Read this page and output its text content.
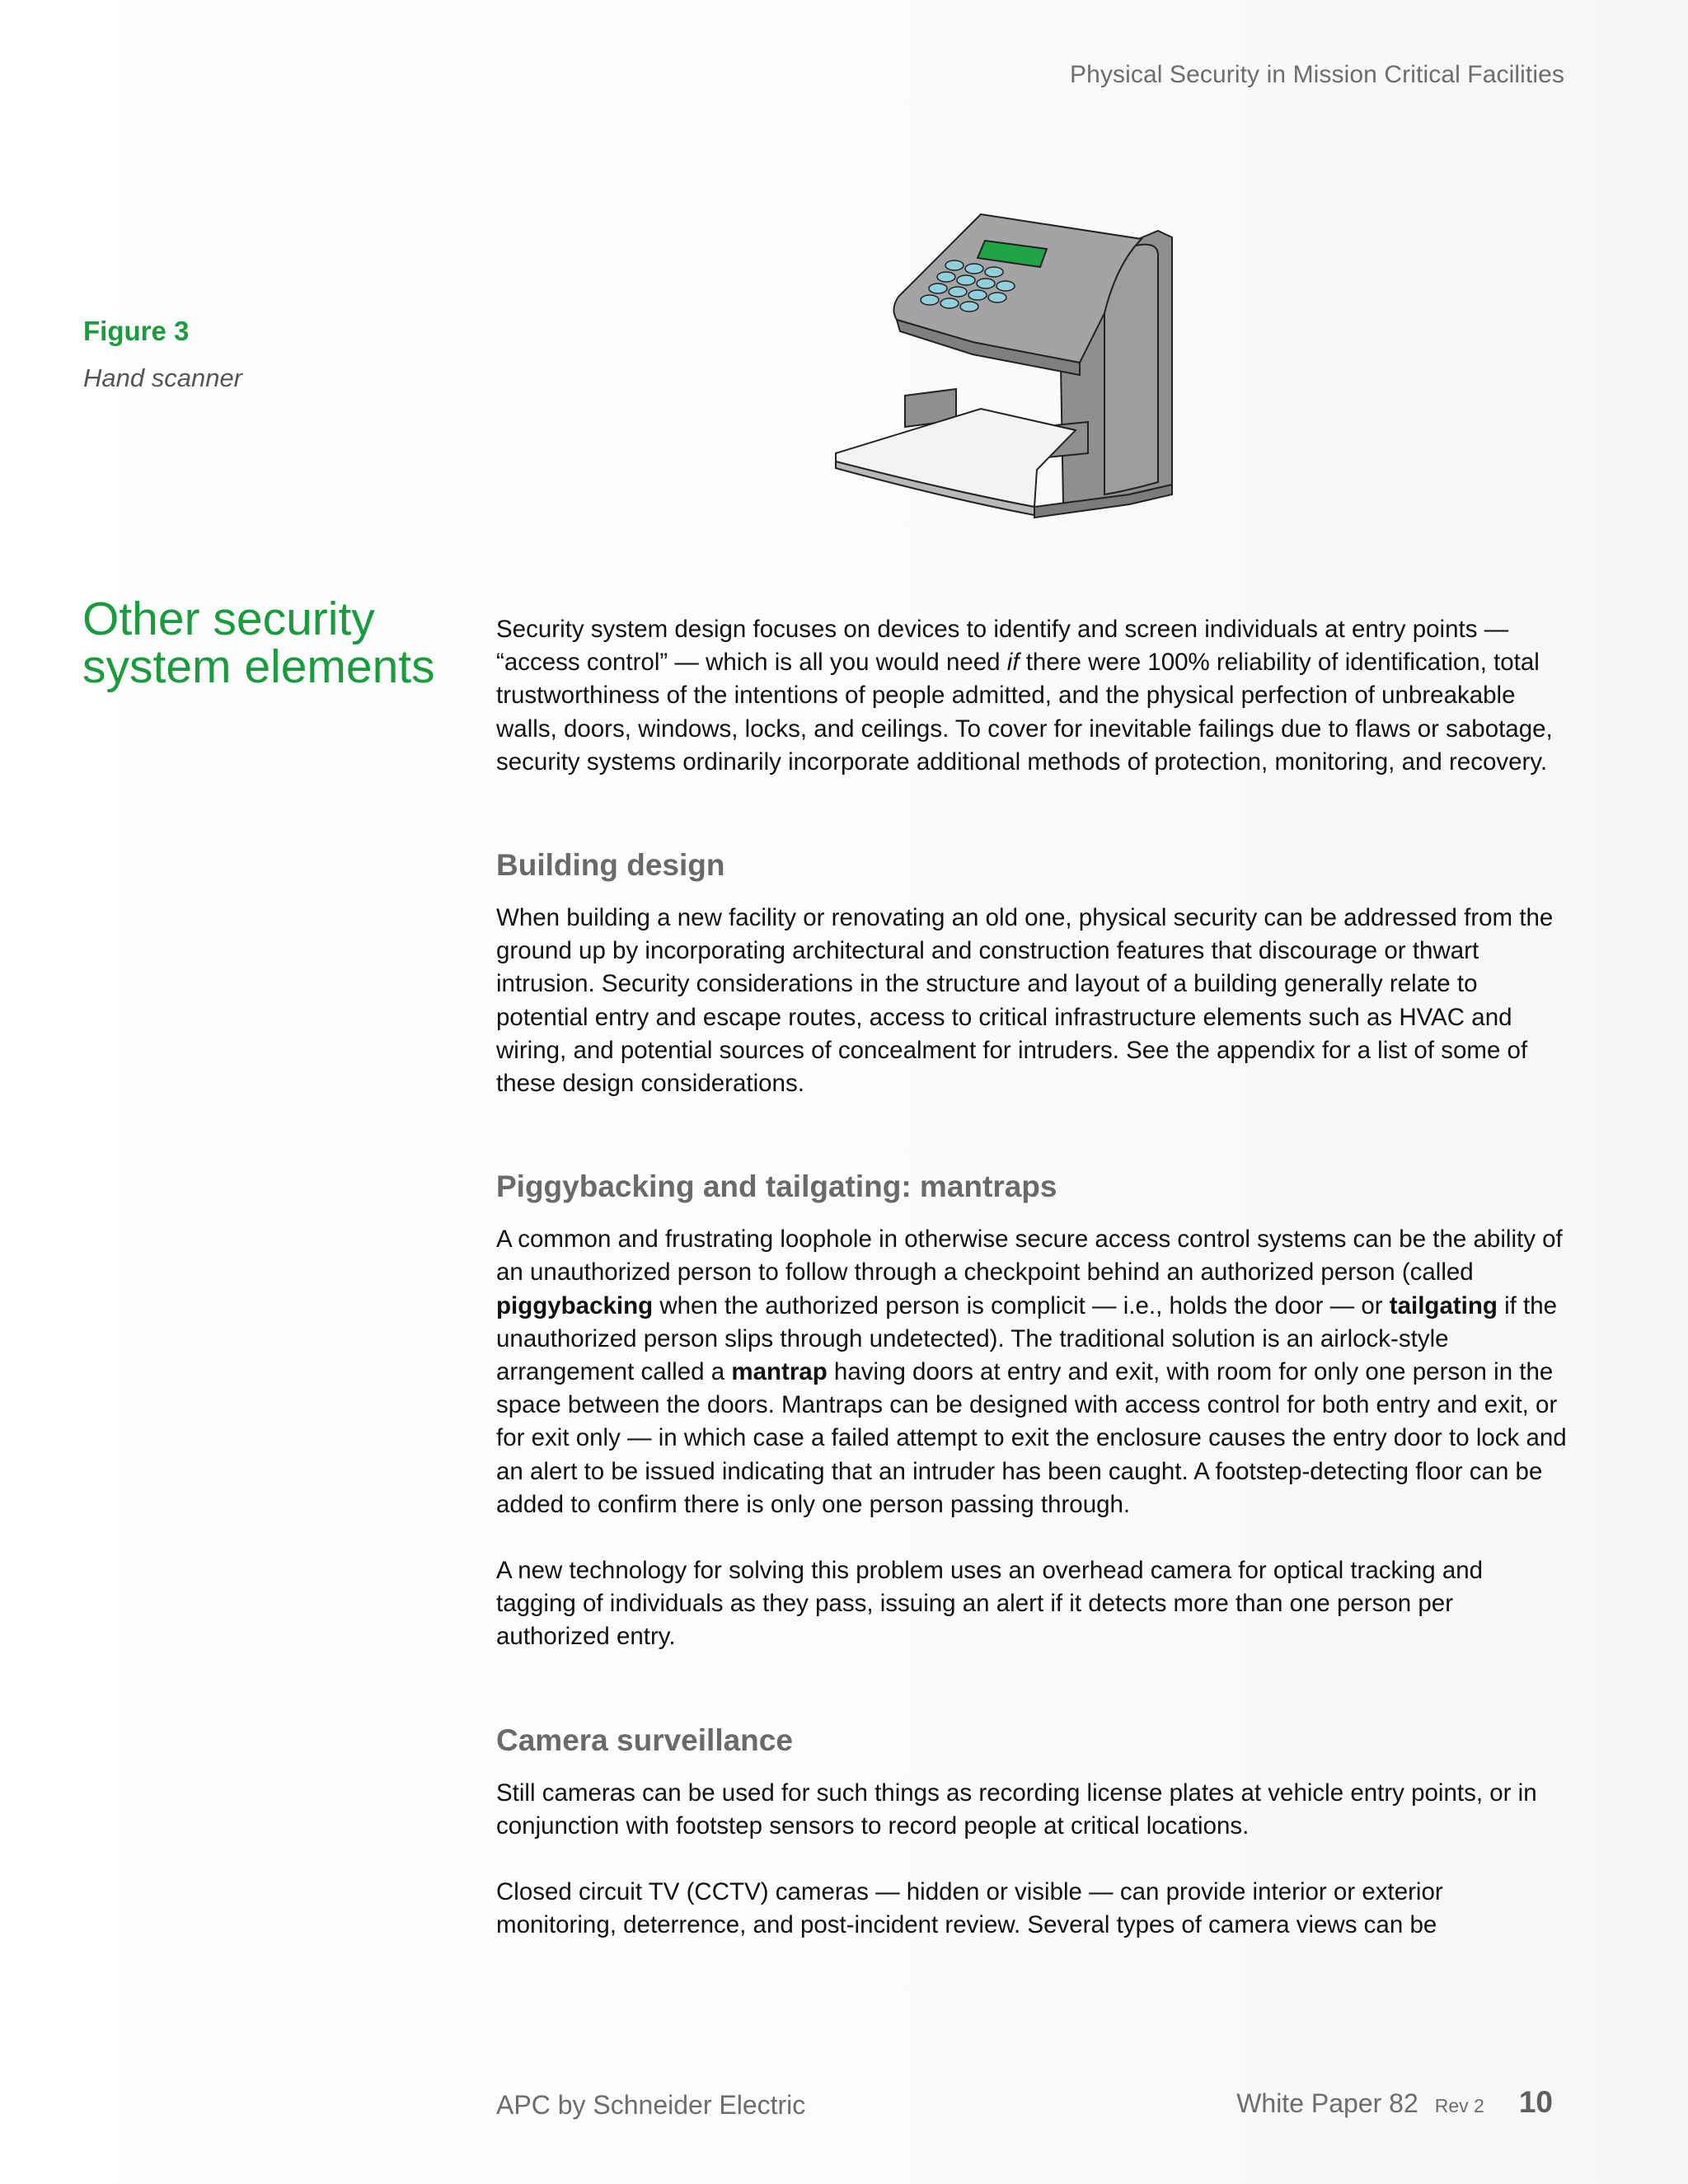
Physical Security in Mission Critical Facilities
Figure 3
Hand scanner
Other security
system elements

Security system design focuses on devices to identify and screen individuals at entry points — “access control” — which is all you would need if there were 100% reliability of identification, total trustworthiness of the intentions of people admitted, and the physical perfection of unbreakable walls, doors, windows, locks, and ceilings. To cover for inevitable failings due to flaws or sabotage, security systems ordinarily incorporate additional methods of protection, monitoring, and recovery.

Building design

When building a new facility or renovating an old one, physical security can be addressed from the ground up by incorporating architectural and construction features that discourage or thwart intrusion. Security considerations in the structure and layout of a building generally relate to potential entry and escape routes, access to critical infrastructure elements such as HVAC and wiring, and potential sources of concealment for intruders. See the appendix for a list of some of these design considerations.

Piggybacking and tailgating: mantraps

A common and frustrating loophole in otherwise secure access control systems can be the ability of an unauthorized person to follow through a checkpoint behind an authorized person (called piggybacking when the authorized person is complicit — i.e., holds the door — or tailgating if the unauthorized person slips through undetected). The traditional solution is an airlock-style arrangement called a mantrap having doors at entry and exit, with room for only one person in the space between the doors. Mantraps can be designed with access control for both entry and exit, or for exit only — in which case a failed attempt to exit the enclosure causes the entry door to lock and an alert to be issued indicating that an intruder has been caught. A footstep-detecting floor can be added to confirm there is only one person passing through.

A new technology for solving this problem uses an overhead camera for optical tracking and tagging of individuals as they pass, issuing an alert if it detects more than one person per authorized entry.

Camera surveillance

Still cameras can be used for such things as recording license plates at vehicle entry points, or in conjunction with footstep sensors to record people at critical locations.

Closed circuit TV (CCTV) cameras — hidden or visible — can provide interior or exterior monitoring, deterrence, and post-incident review. Several types of camera views can be

APC by Schneider Electric	White Paper 82 Rev 2 10
